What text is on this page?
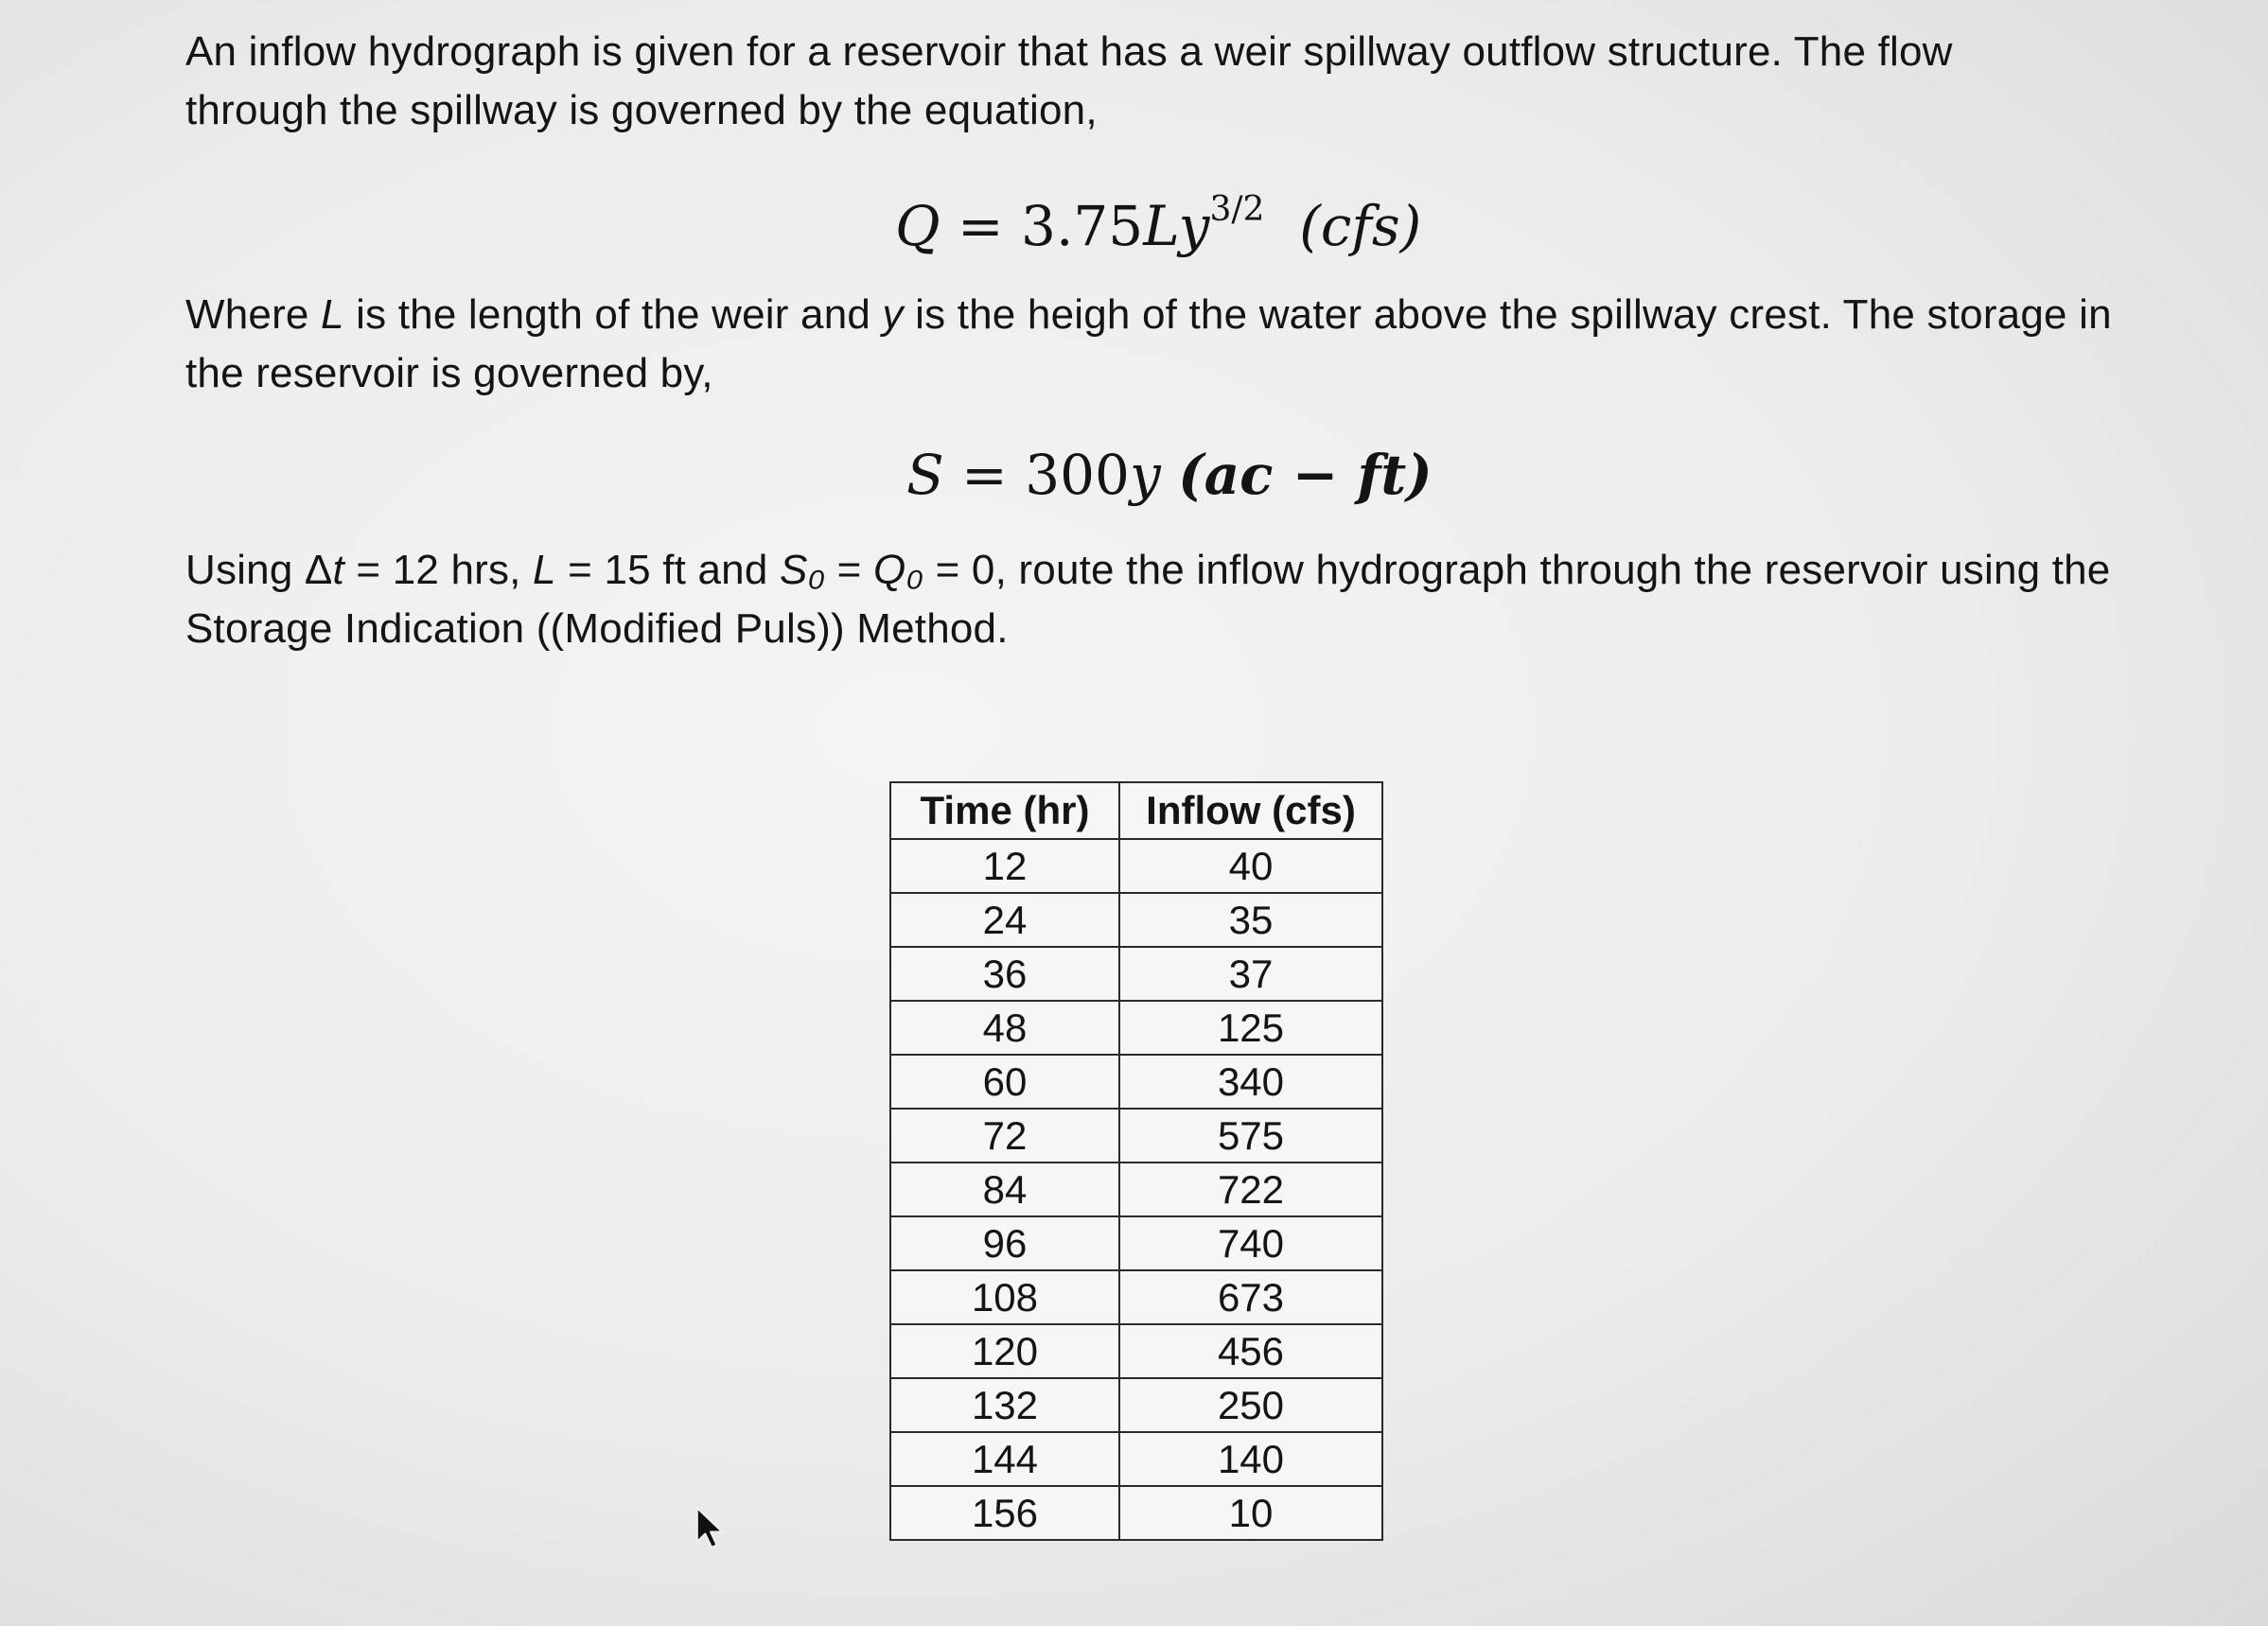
An inflow hydrograph is given for a reservoir that has a weir spillway outflow structure. The flow
through the spillway is governed by the equation,

$Q = 3.75Ly^{3/2}$ (cfs)

Where L is the length of the weir and y is the heigh of the water above the spillway crest. The storage in
the reservoir is governed by,

S = 300y (ac − ft)

Using Δt = 12 hrs, L = 15 ft and S₀ = Q₀ = 0, route the inflow hydrograph through the reservoir using the
Storage Indication ((Modified Puls)) Method.

Time (hr)	Inflow (cfs)
12	40
24	35
36	37
48	125
60	340
72	575
84	722
96	740
108	673
120	456
132	250
144	140
156	10
